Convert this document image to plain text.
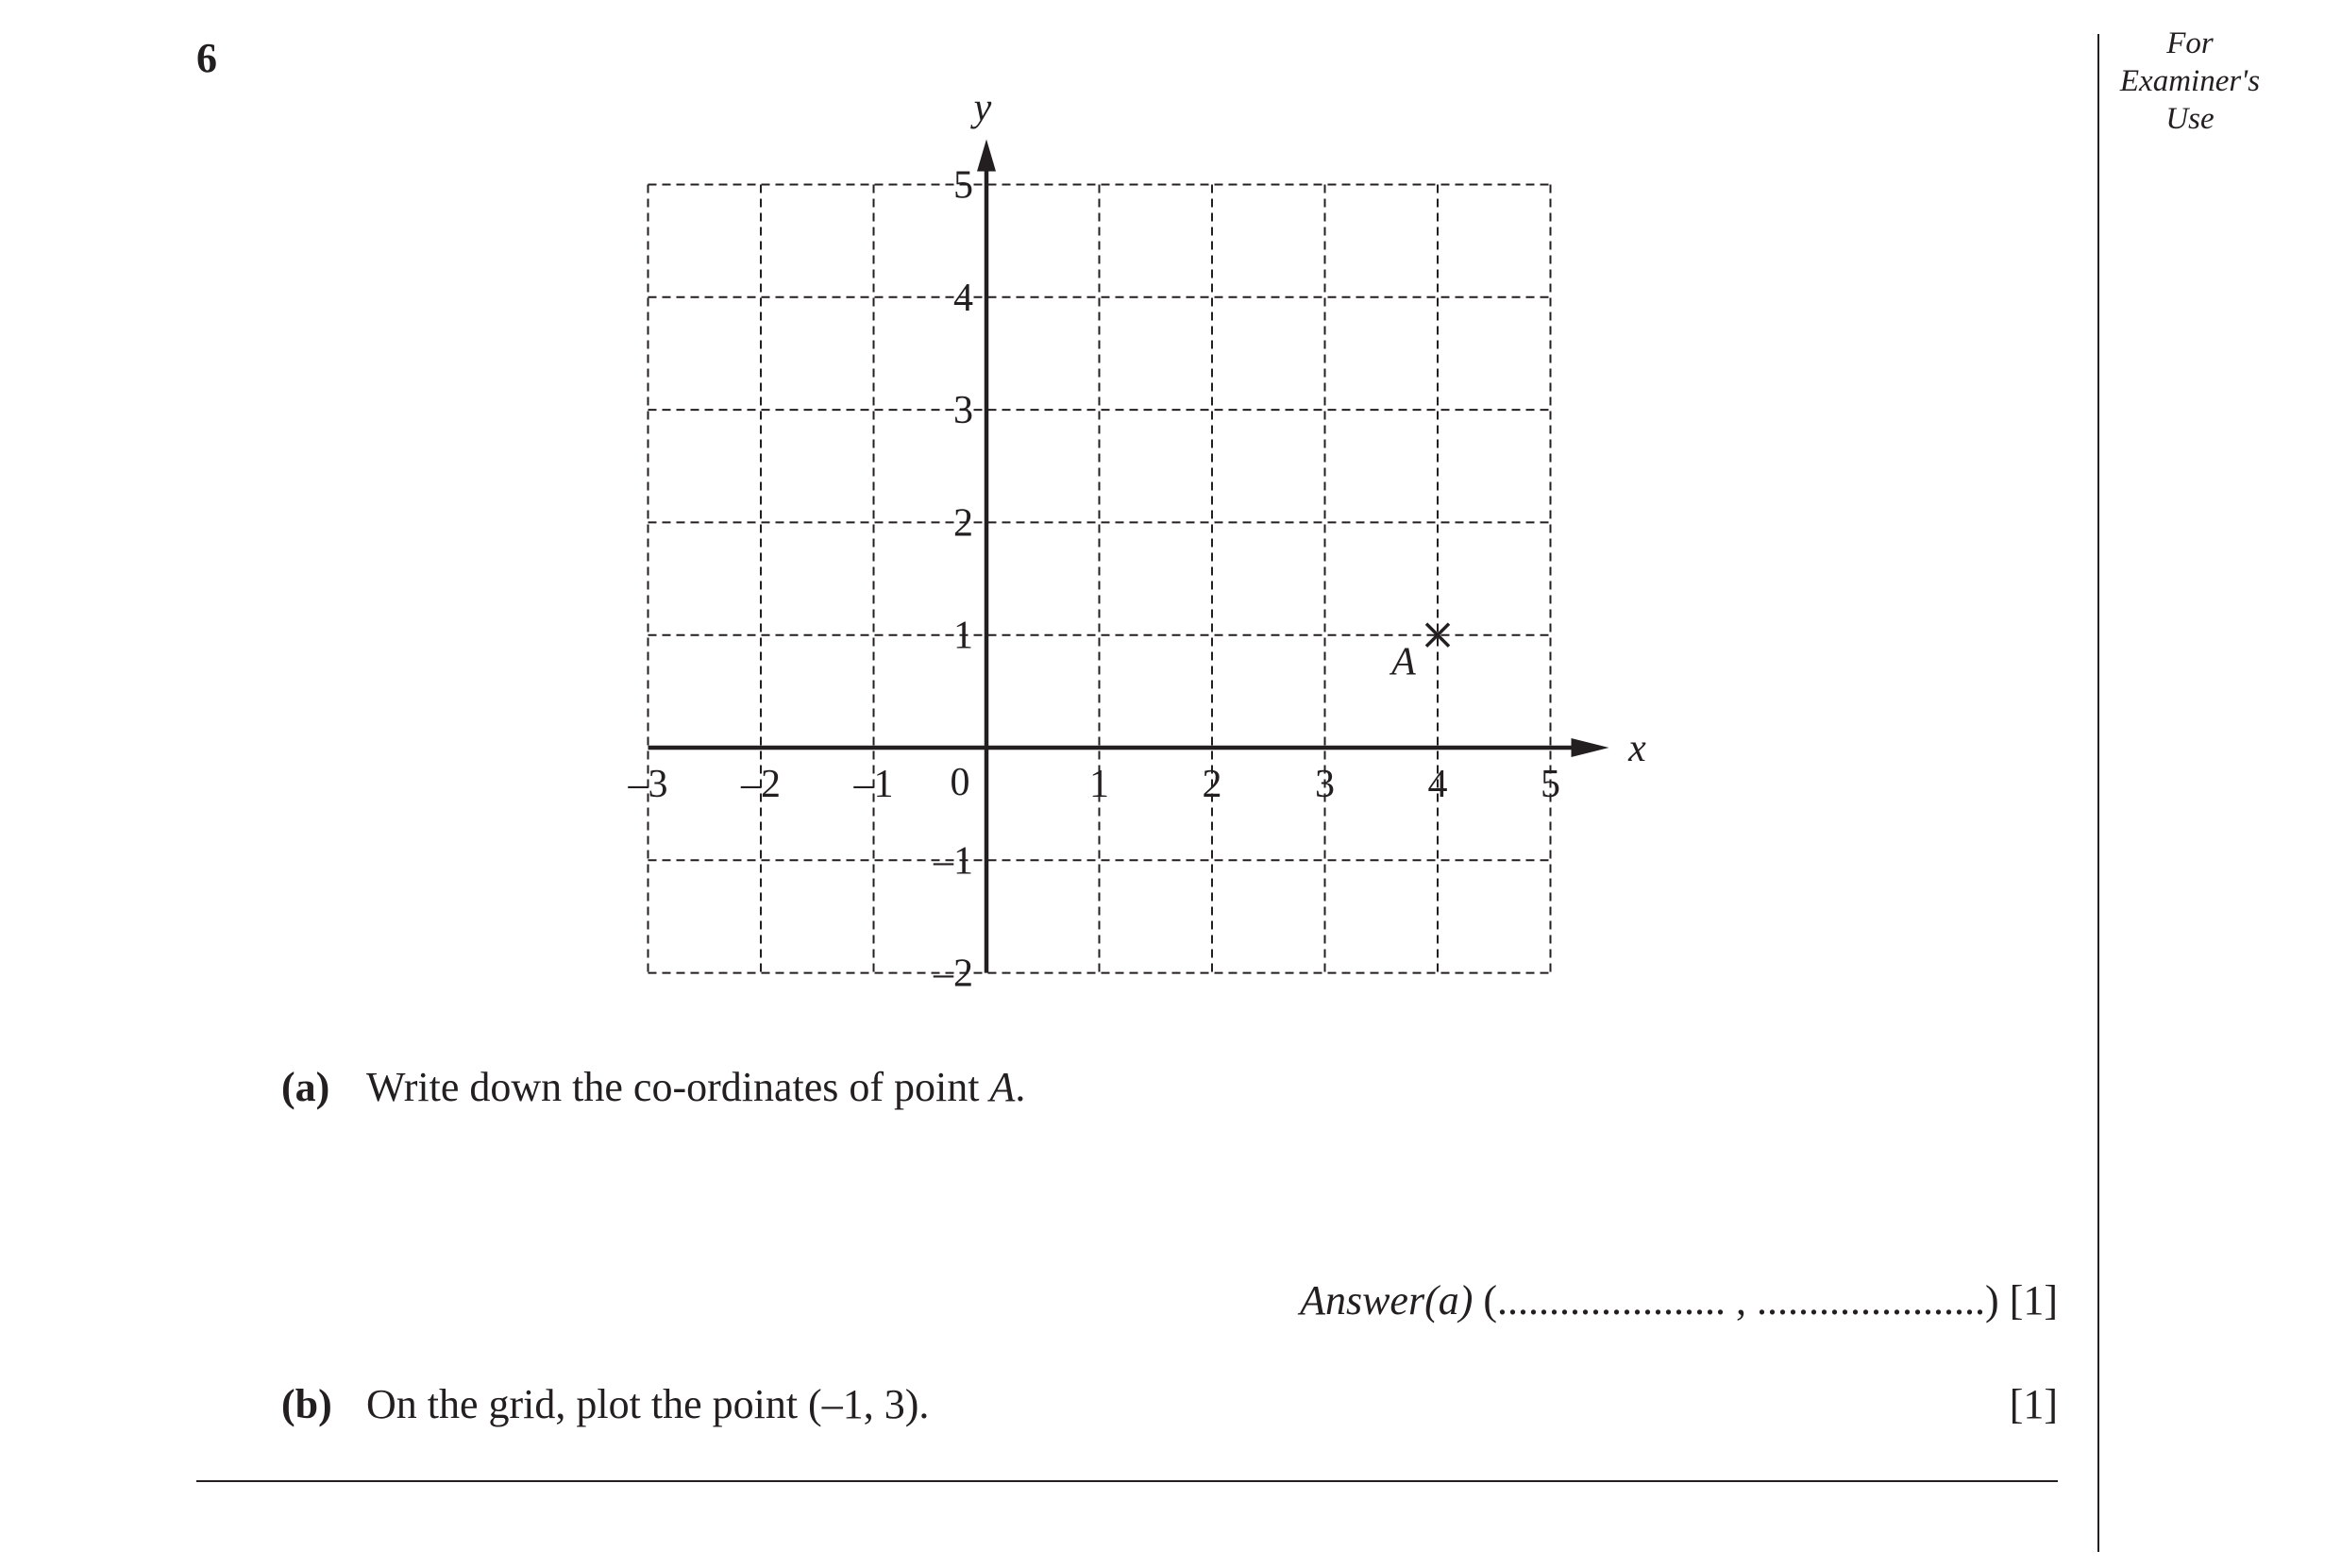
6	For
Examiner's
Use
x
y
–3 –2 –1	1 2 3 4 5
–2
–1
1
2
3
4
5
0
A
(a) Write down the co-ordinates of point A.
Answer(a) (...................... , ......................) [1]
(b) On the grid, plot the point (–1, 3).	[1]
